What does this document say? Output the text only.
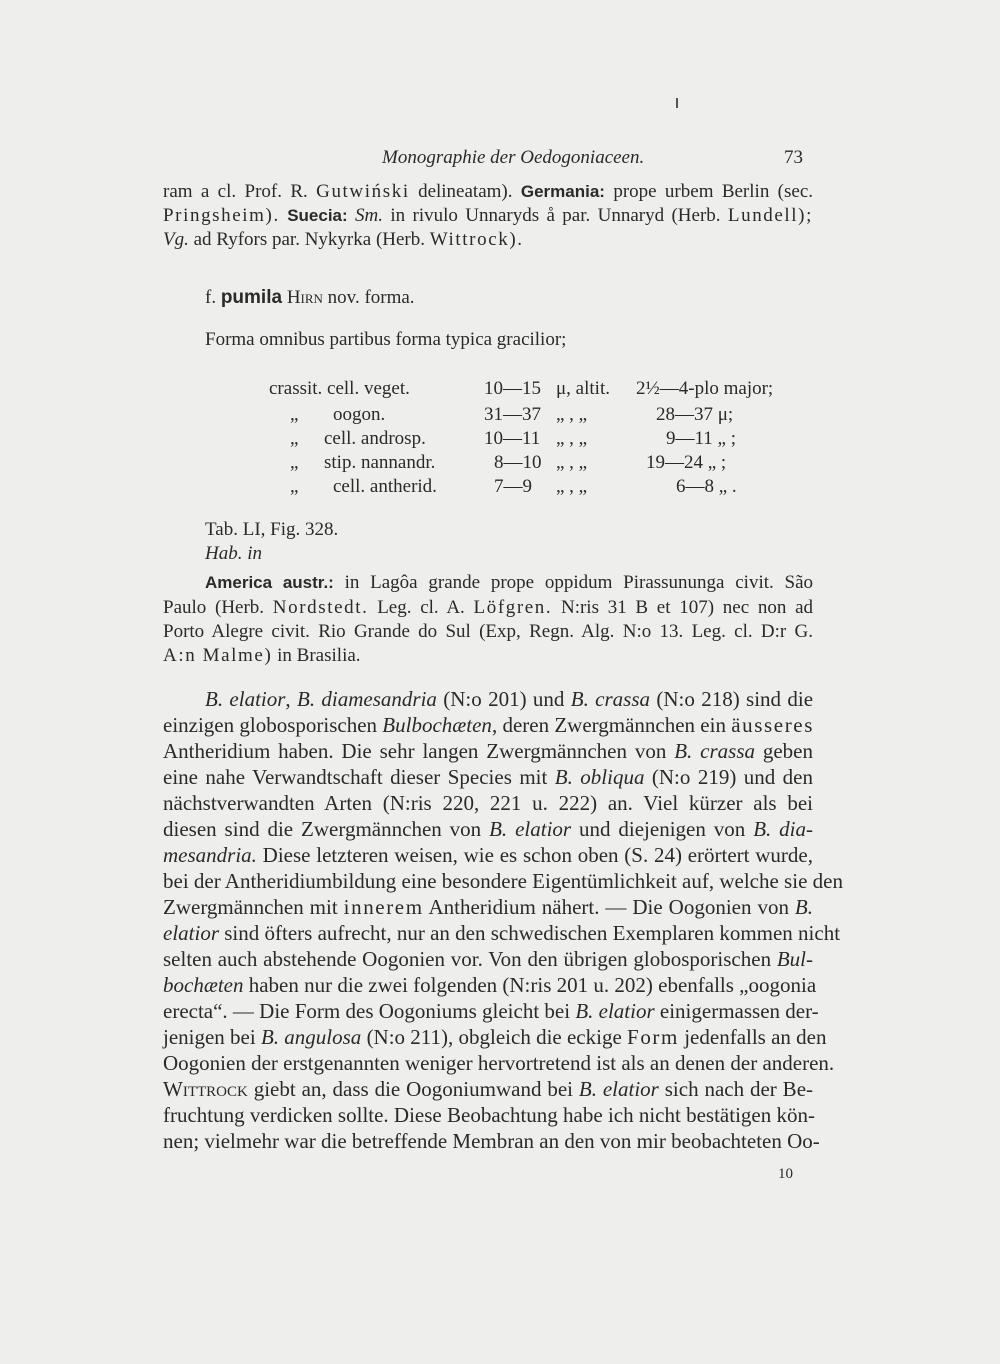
Monographie der Oedogoniaceen.	73
ram a cl. Prof. R. Gutwiński delineatam). Germania: prope urbem Berlin (sec.
Pringsheim). Suecia: Sm. in rivulo Unnaryds å par. Unnaryd (Herb. Lundell);
Vg. ad Ryfors par. Nykyrka (Herb. Wittrock).
f. pumila Hirn nov. forma.
Forma omnibus partibus forma typica gracilior;
crassit. cell. veget.	10—15 μ, altit. 2½—4-plo major;
„ oogon.	31—37 „ , „	28—37 μ;
„ cell. androsp.	10—11 „ , „	9—11 „ ;
„ stip. nannandr.	8—10 „ , „	19—24 „ ;
„ cell. antherid.	7—9 „ , „	6—8 „ .
Tab. LI, Fig. 328.
Hab. in
America austr.: in Lagôa grande prope oppidum Pirassununga civit. São
Paulo (Herb. Nordstedt. Leg. cl. A. Löfgren. N:ris 31 B et 107) nec non ad
Porto Alegre civit. Rio Grande do Sul (Exp, Regn. Alg. N:o 13. Leg. cl. D:r G.
A:n Malme) in Brasilia.
B. elatior, B. diamesandria (N:o 201) und B. crassa (N:o 218) sind die
einzigen globosporischen Bulbochæten, deren Zwergmännchen ein äusseres
Antheridium haben. Die sehr langen Zwergmännchen von B. crassa geben
eine nahe Verwandtschaft dieser Species mit B. obliqua (N:o 219) und den
nächstverwandten Arten (N:ris 220, 221 u. 222) an. Viel kürzer als bei
diesen sind die Zwergmännchen von B. elatior und diejenigen von B. dia-
mesandria. Diese letzteren weisen, wie es schon oben (S. 24) erörtert wurde,
bei der Antheridiumbildung eine besondere Eigentümlichkeit auf, welche sie den
Zwergmännchen mit innerem Antheridium nähert. — Die Oogonien von B.
elatior sind öfters aufrecht, nur an den schwedischen Exemplaren kommen nicht
selten auch abstehende Oogonien vor. Von den übrigen globosporischen Bul-
bochæten haben nur die zwei folgenden (N:ris 201 u. 202) ebenfalls „oogonia
erecta“. — Die Form des Oogoniums gleicht bei B. elatior einigermassen der-
jenigen bei B. angulosa (N:o 211), obgleich die eckige Form jedenfalls an den
Oogonien der erstgenannten weniger hervortretend ist als an denen der anderen.
Wittrock giebt an, dass die Oogoniumwand bei B. elatior sich nach der Be-
fruchtung verdicken sollte. Diese Beobachtung habe ich nicht bestätigen kön-
nen; vielmehr war die betreffende Membran an den von mir beobachteten Oo-
10
